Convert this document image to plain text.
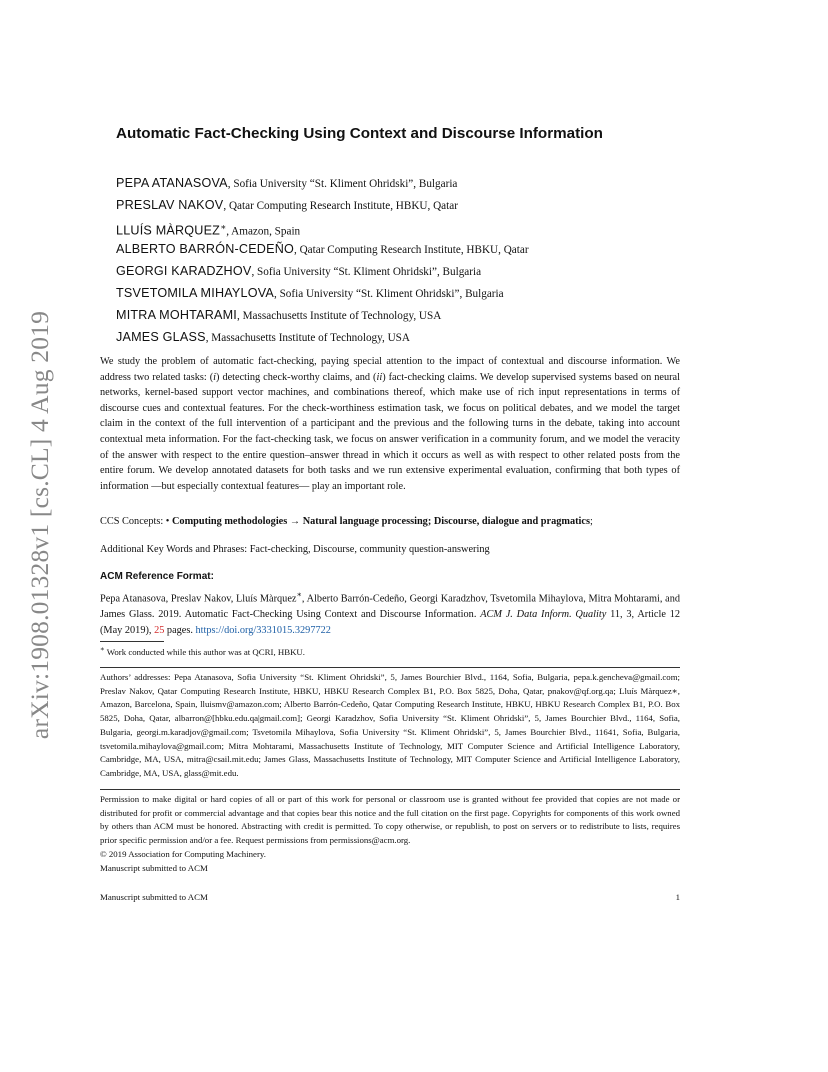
arXiv:1908.01328v1 [cs.CL] 4 Aug 2019
Automatic Fact-Checking Using Context and Discourse Information
PEPA ATANASOVA, Sofia University “St. Kliment Ohridski”, Bulgaria
PRESLAV NAKOV, Qatar Computing Research Institute, HBKU, Qatar
LLUÍS MÀRQUEZ∗, Amazon, Spain
ALBERTO BARRÓN-CEDEÑO, Qatar Computing Research Institute, HBKU, Qatar
GEORGI KARADZHOV, Sofia University “St. Kliment Ohridski”, Bulgaria
TSVETOMILA MIHAYLOVA, Sofia University “St. Kliment Ohridski”, Bulgaria
MITRA MOHTARAMI, Massachusetts Institute of Technology, USA
JAMES GLASS, Massachusetts Institute of Technology, USA
We study the problem of automatic fact-checking, paying special attention to the impact of contextual and discourse information. We address two related tasks: (i) detecting check-worthy claims, and (ii) fact-checking claims. We develop supervised systems based on neural networks, kernel-based support vector machines, and combinations thereof, which make use of rich input representations in terms of discourse cues and contextual features. For the check-worthiness estimation task, we focus on political debates, and we model the target claim in the context of the full intervention of a participant and the previous and the following turns in the debate, taking into account contextual meta information. For the fact-checking task, we focus on answer verification in a community forum, and we model the veracity of the answer with respect to the entire question–answer thread in which it occurs as well as with respect to other related posts from the entire forum. We develop annotated datasets for both tasks and we run extensive experimental evaluation, confirming that both types of information —but especially contextual features— play an important role.
CCS Concepts: • Computing methodologies → Natural language processing; Discourse, dialogue and pragmatics;
Additional Key Words and Phrases: Fact-checking, Discourse, community question-answering
ACM Reference Format:
Pepa Atanasova, Preslav Nakov, Lluís Màrquez∗, Alberto Barrón-Cedeño, Georgi Karadzhov, Tsvetomila Mihaylova, Mitra Mohtarami, and James Glass. 2019. Automatic Fact-Checking Using Context and Discourse Information. ACM J. Data Inform. Quality 11, 3, Article 12 (May 2019), 25 pages. https://doi.org/3331015.3297722
∗ Work conducted while this author was at QCRI, HBKU.
Authors’ addresses: Pepa Atanasova, Sofia University “St. Kliment Ohridski”, 5, James Bourchier Blvd., 1164, Sofia, Bulgaria, pepa.k.gencheva@gmail.com; Preslav Nakov, Qatar Computing Research Institute, HBKU, HBKU Research Complex B1, P.O. Box 5825, Doha, Qatar, pnakov@qf.org.qa; Lluís Màrquez∗, Amazon, Barcelona, Spain, lluismv@amazon.com; Alberto Barrón-Cedeño, Qatar Computing Research Institute, HBKU, HBKU Research Complex B1, P.O. Box 5825, Doha, Qatar, albarron@[hbku.edu.qa|gmail.com]; Georgi Karadzhov, Sofia University “St. Kliment Ohridski”, 5, James Bourchier Blvd., 1164, Sofia, Bulgaria, georgi.m.karadjov@gmail.com; Tsvetomila Mihaylova, Sofia University “St. Kliment Ohridski”, 5, James Bourchier Blvd., 11641, Sofia, Bulgaria, tsvetomila.mihaylova@gmail.com; Mitra Mohtarami, Massachusetts Institute of Technology, MIT Computer Science and Artificial Intelligence Laboratory, Cambridge, MA, USA, mitra@csail.mit.edu; James Glass, Massachusetts Institute of Technology, MIT Computer Science and Artificial Intelligence Laboratory, Cambridge, MA, USA, glass@mit.edu.
Permission to make digital or hard copies of all or part of this work for personal or classroom use is granted without fee provided that copies are not made or distributed for profit or commercial advantage and that copies bear this notice and the full citation on the first page. Copyrights for components of this work owned by others than ACM must be honored. Abstracting with credit is permitted. To copy otherwise, or republish, to post on servers or to redistribute to lists, requires prior specific permission and/or a fee. Request permissions from permissions@acm.org.
© 2019 Association for Computing Machinery.
Manuscript submitted to ACM
Manuscript submitted to ACM	1
